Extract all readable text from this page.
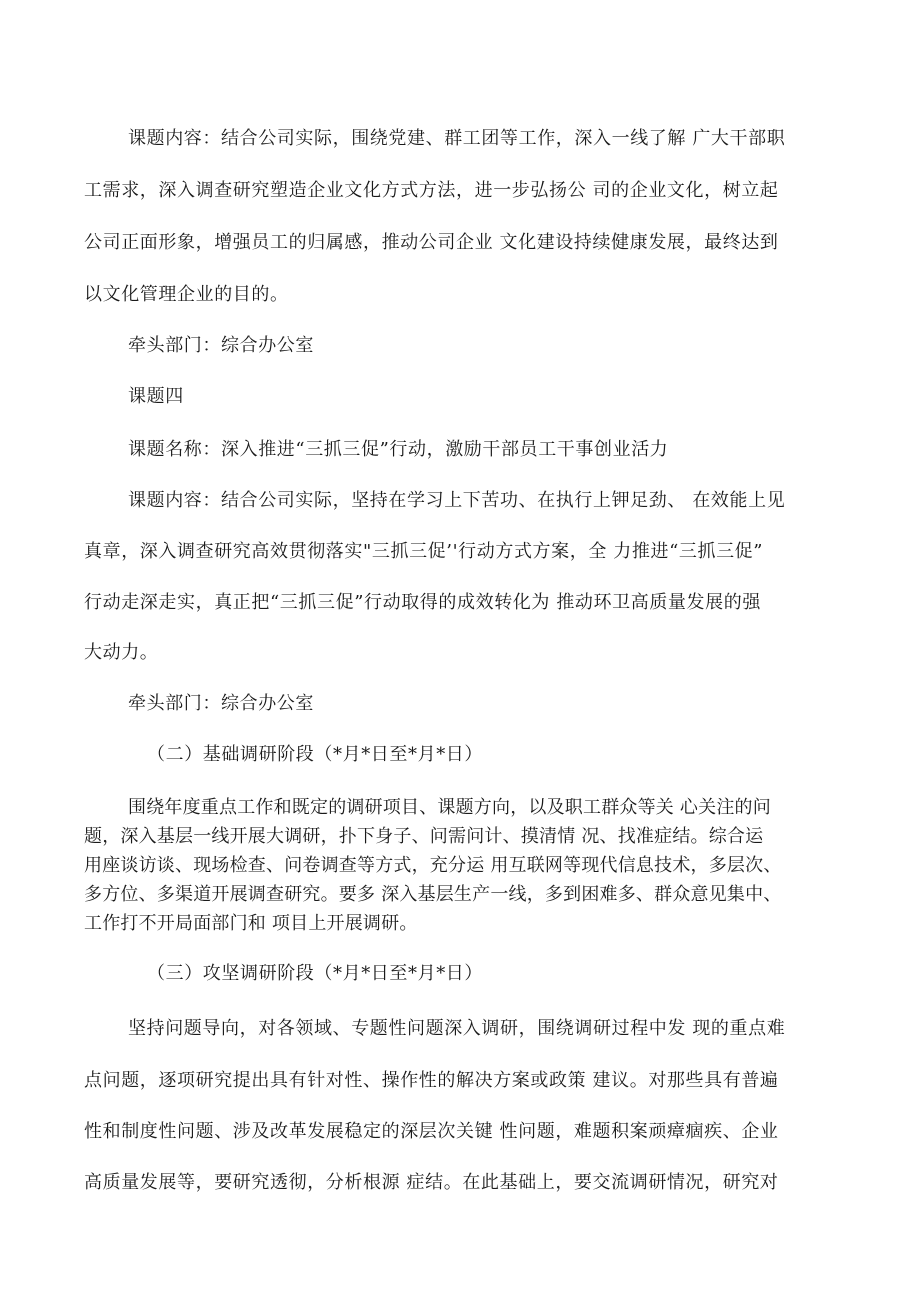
课题内容：结合公司实际，围绕党建、群工团等工作，深入一线了解 广大干部职
工需求，深入调查研究塑造企业文化方式方法，进一步弘扬公 司的企业文化，树立起
公司正面形象，增强员工的归属感，推动公司企业 文化建设持续健康发展，最终达到
以文化管理企业的目的。
牵头部门：综合办公室
课题四
课题名称：深入推进“三抓三促”行动，激励干部员工干事创业活力
课题内容：结合公司实际，坚持在学习上下苦功、在执行上钾足劲、 在效能上见
真章，深入调查研究高效贯彻落实"三抓三促’'行动方式方案，全 力推进“三抓三促”
行动走深走实，真正把“三抓三促”行动取得的成效转化为 推动环卫高质量发展的强
大动力。
牵头部门：综合办公室
（二）基础调研阶段（*月*日至*月*日）
围绕年度重点工作和既定的调研项目、课题方向，以及职工群众等关 心关注的问
题，深入基层一线开展大调研，扑下身子、问需问计、摸清情 况、找准症结。综合运
用座谈访谈、现场检查、问卷调查等方式，充分运 用互联网等现代信息技术，多层次、
多方位、多渠道开展调查研究。要多 深入基层生产一线，多到困难多、群众意见集中、
工作打不开局面部门和 项目上开展调研。
（三）攻坚调研阶段（*月*日至*月*日）
坚持问题导向，对各领域、专题性问题深入调研，围绕调研过程中发 现的重点难
点问题，逐项研究提出具有针对性、操作性的解决方案或政策 建议。对那些具有普遍
性和制度性问题、涉及改革发展稳定的深层次关键 性问题，难题积案顽瘴痼疾、企业
高质量发展等，要研究透彻，分析根源 症结。在此基础上，要交流调研情况，研究对
